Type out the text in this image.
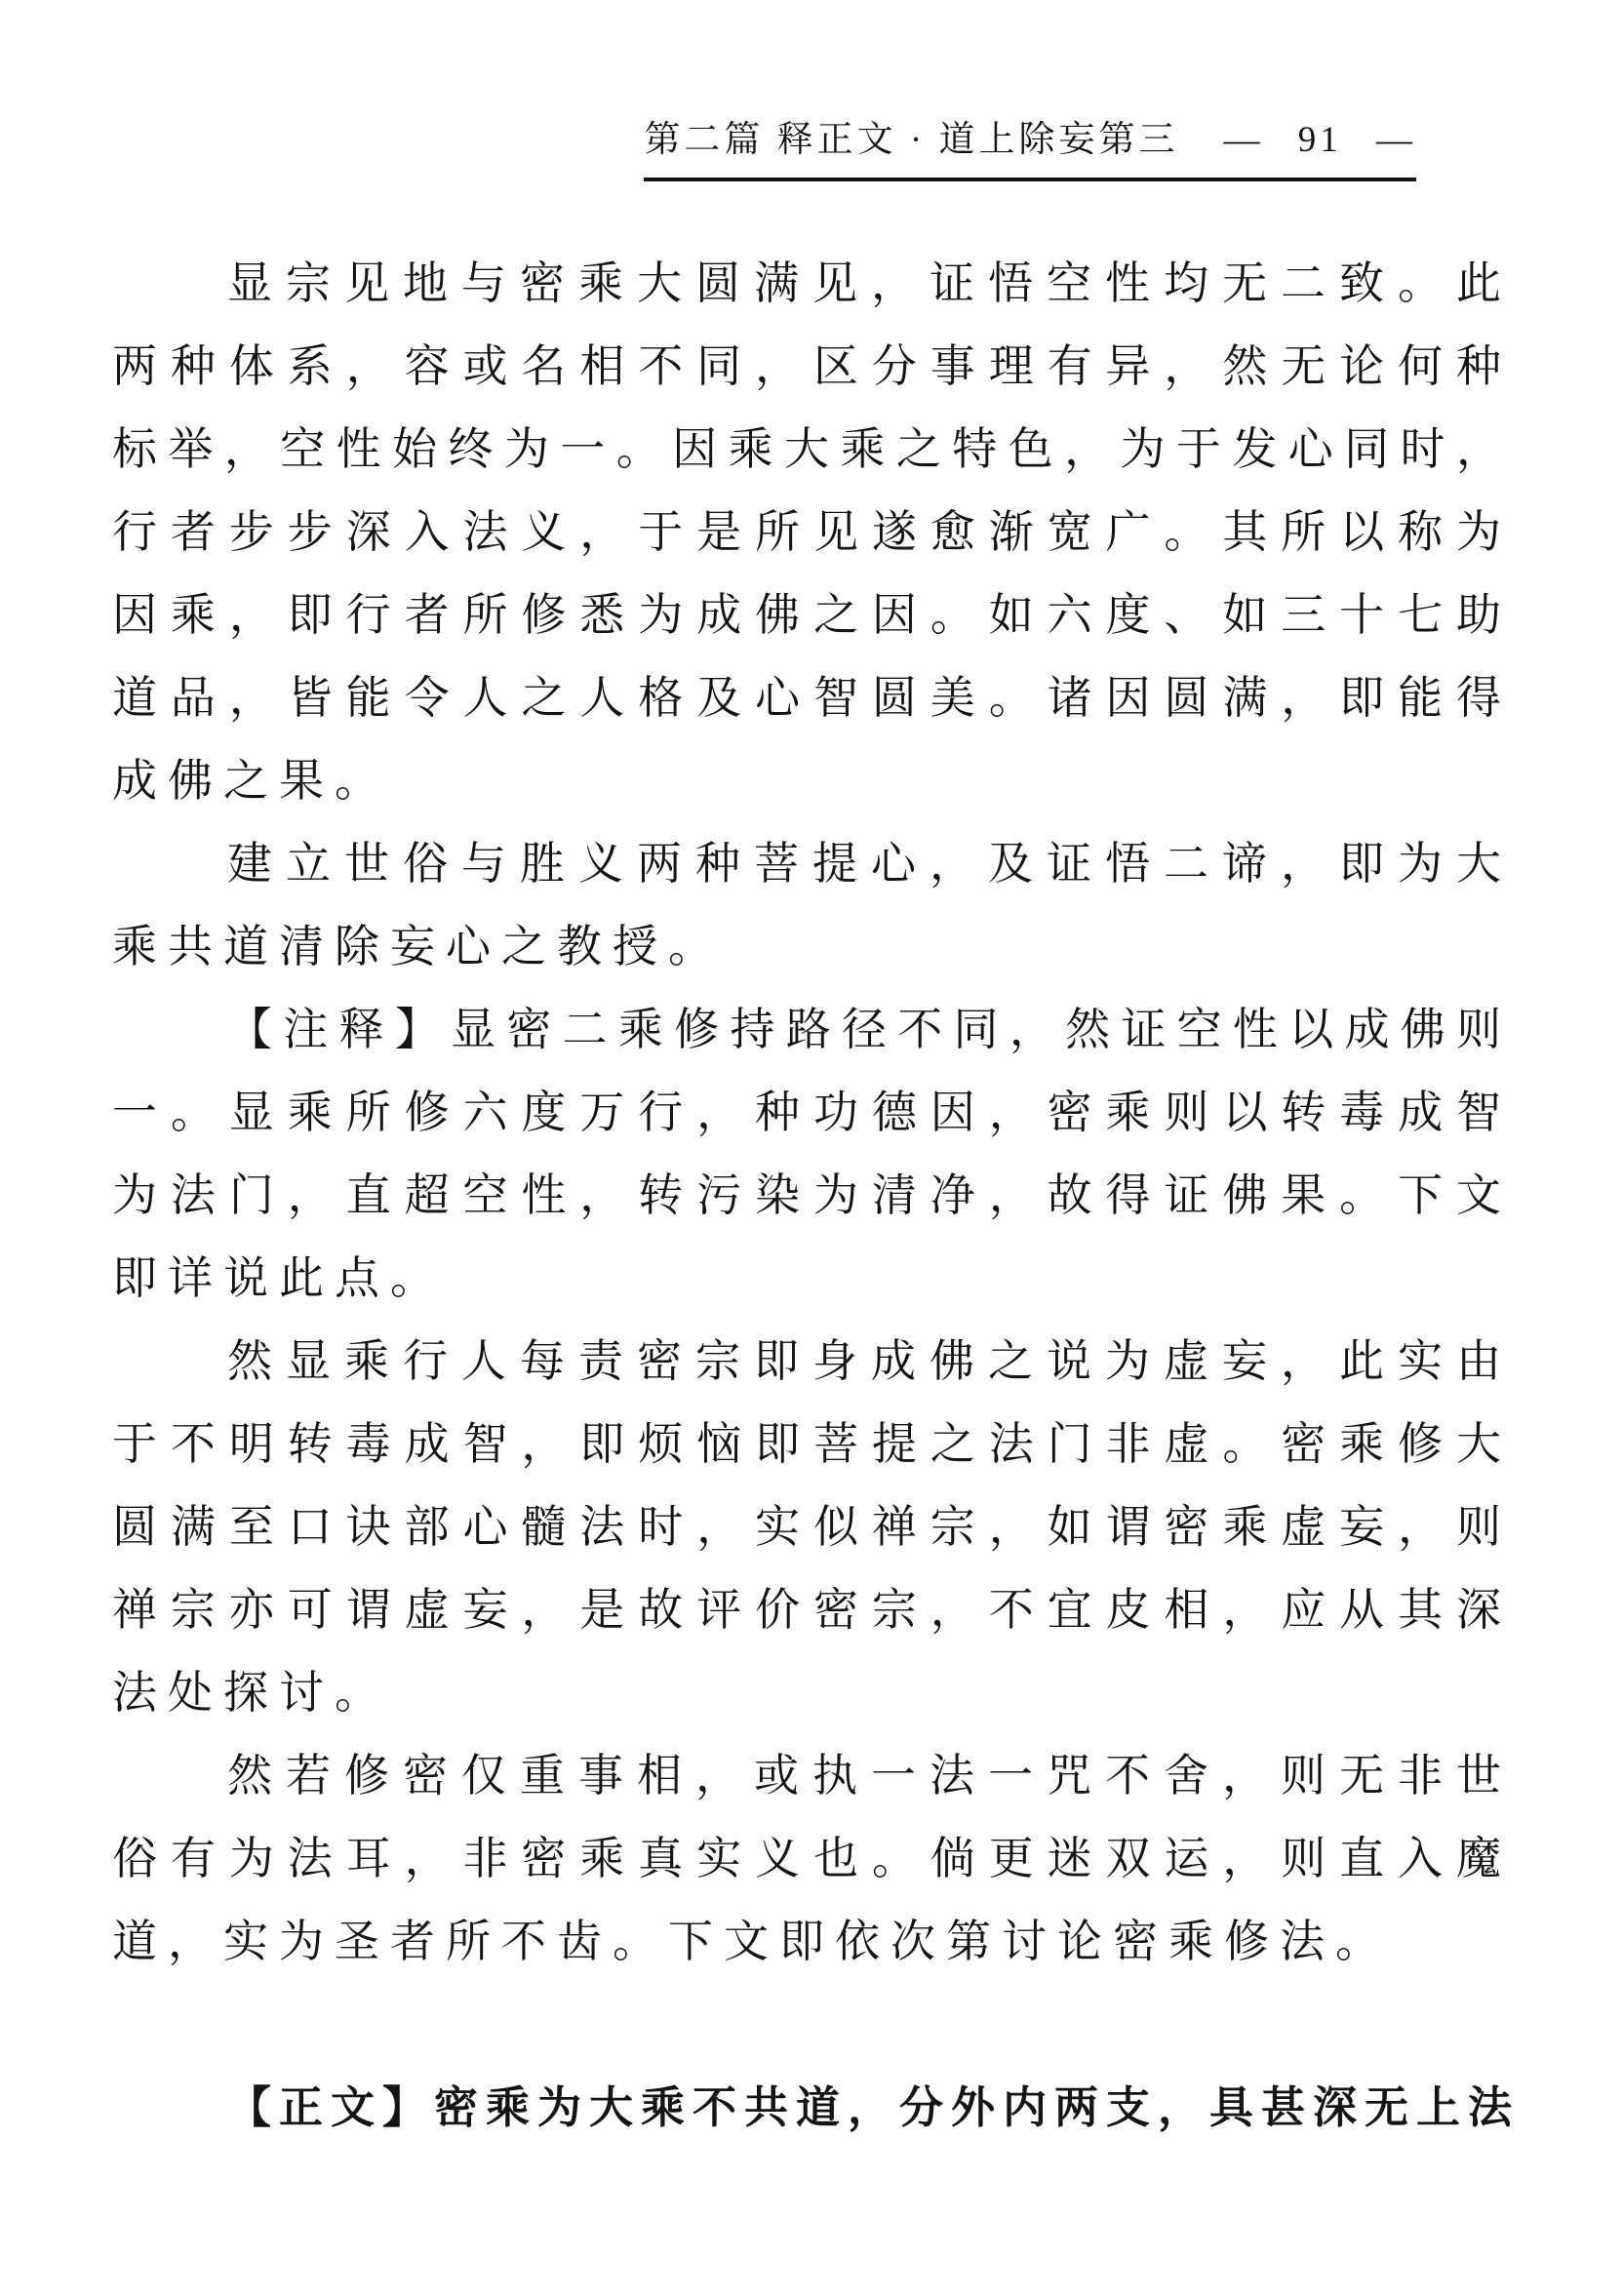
第二篇 释正文 · 道上除妄第三 — 91 —
显宗见地与密乘大圆满见，证悟空性均无二致。此
两种体系，容或名相不同，区分事理有异，然无论何种
标举，空性始终为一。因乘大乘之特色，为于发心同时，
行者步步深入法义，于是所见遂愈渐宽广。其所以称为
因乘，即行者所修悉为成佛之因。如六度、如三十七助
道品，皆能令人之人格及心智圆美。诸因圆满，即能得
成佛之果。
建立世俗与胜义两种菩提心，及证悟二谛，即为大
乘共道清除妄心之教授。
【注释】显密二乘修持路径不同，然证空性以成佛则
一。显乘所修六度万行，种功德因，密乘则以转毒成智
为法门，直超空性，转污染为清净，故得证佛果。下文
即详说此点。
然显乘行人每责密宗即身成佛之说为虚妄，此实由
于不明转毒成智，即烦恼即菩提之法门非虚。密乘修大
圆满至口诀部心髓法时，实似禅宗，如谓密乘虚妄，则
禅宗亦可谓虚妄，是故评价密宗，不宜皮相，应从其深
法处探讨。
然若修密仅重事相，或执一法一咒不舍，则无非世
俗有为法耳，非密乘真实义也。倘更迷双运，则直入魔
道，实为圣者所不齿。下文即依次第讨论密乘修法。
【正文】密乘为大乘不共道，分外内两支，具甚深无上法
